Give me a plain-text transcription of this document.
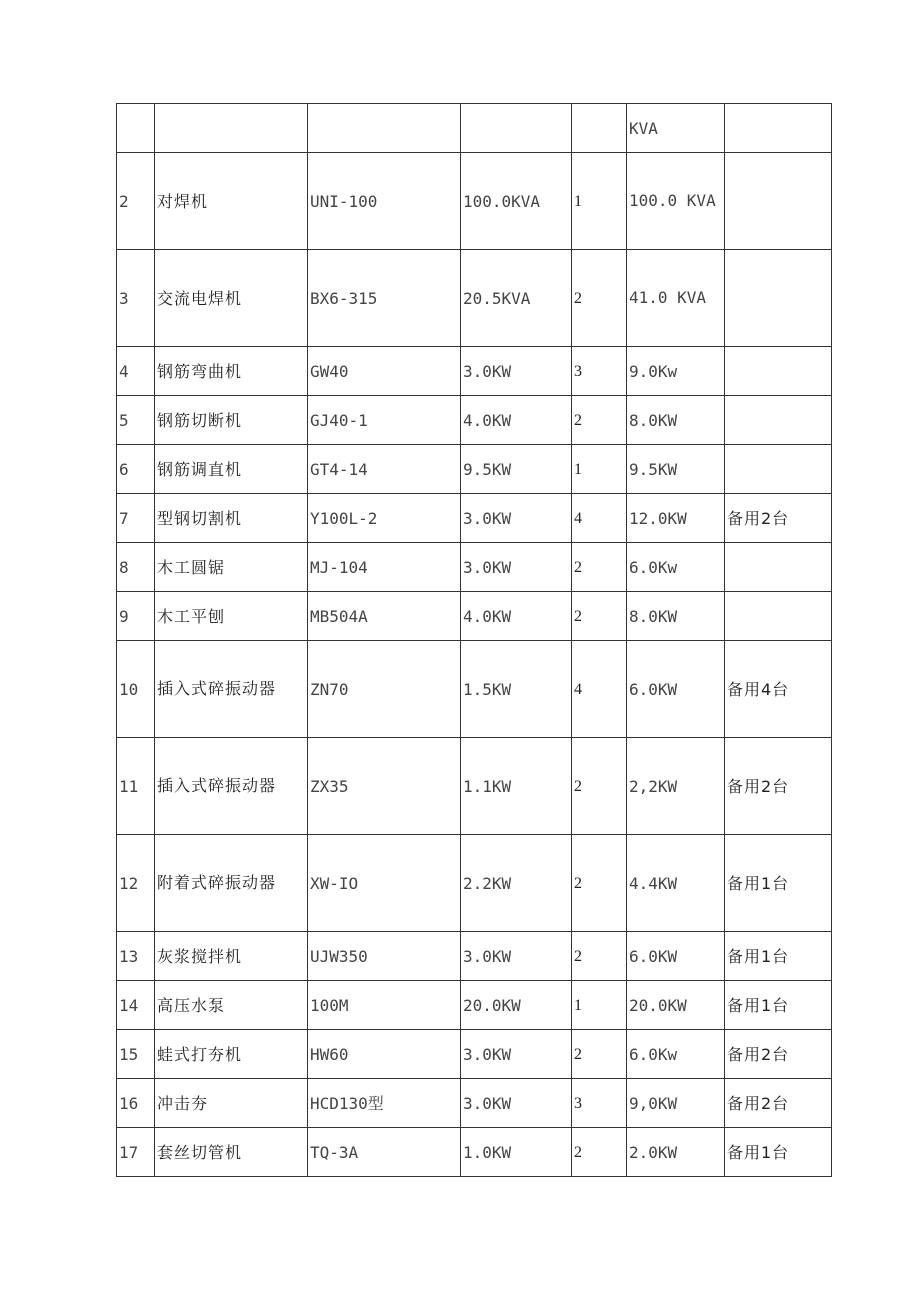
					KVA	
2	对焊机	UNI-100	100.0KVA	1	100.0 KVA	
3	交流电焊机	BX6-315	20.5KVA	2	41.0 KVA	
4	钢筋弯曲机	GW40	3.0KW	3	9.0Kw	
5	钢筋切断机	GJ40-1	4.0KW	2	8.0KW	
6	钢筋调直机	GT4-14	9.5KW	1	9.5KW	
7	型钢切割机	Y100L-2	3.0KW	4	12.0KW	备用2台
8	木工圆锯	MJ-104	3.0KW	2	6.0Kw	
9	木工平刨	MB504A	4.0KW	2	8.0KW	
10	插入式碎振动器	ZN70	1.5KW	4	6.0KW	备用4台
11	插入式碎振动器	ZX35	1.1KW	2	2,2KW	备用2台
12	附着式碎振动器	XW-IO	2.2KW	2	4.4KW	备用1台
13	灰浆搅拌机	UJW350	3.0KW	2	6.0KW	备用1台
14	高压水泵	100M	20.0KW	1	20.0KW	备用1台
15	蛙式打夯机	HW60	3.0KW	2	6.0Kw	备用2台
16	冲击夯	HCD130型	3.0KW	3	9,0KW	备用2台
17	套丝切管机	TQ-3A	1.0KW	2	2.0KW	备用1台
